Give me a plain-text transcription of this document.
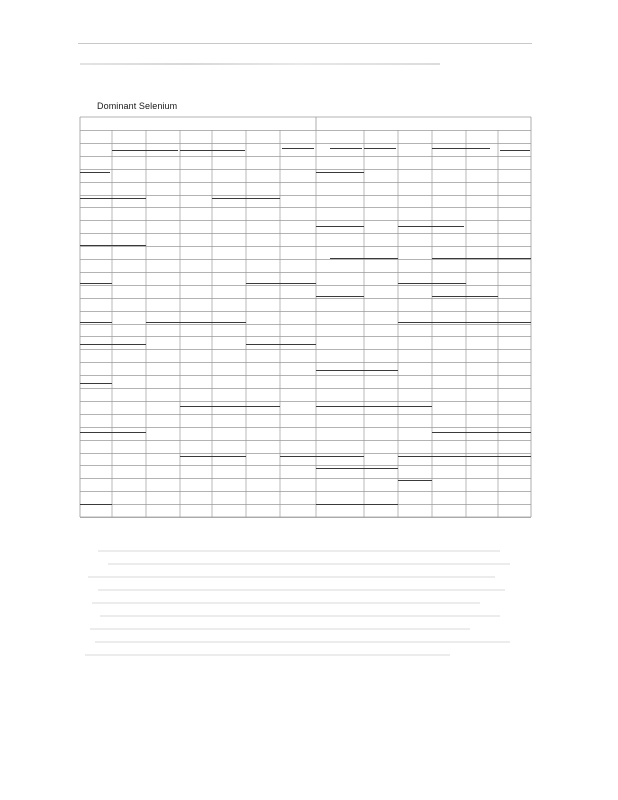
Dominant Selenium
